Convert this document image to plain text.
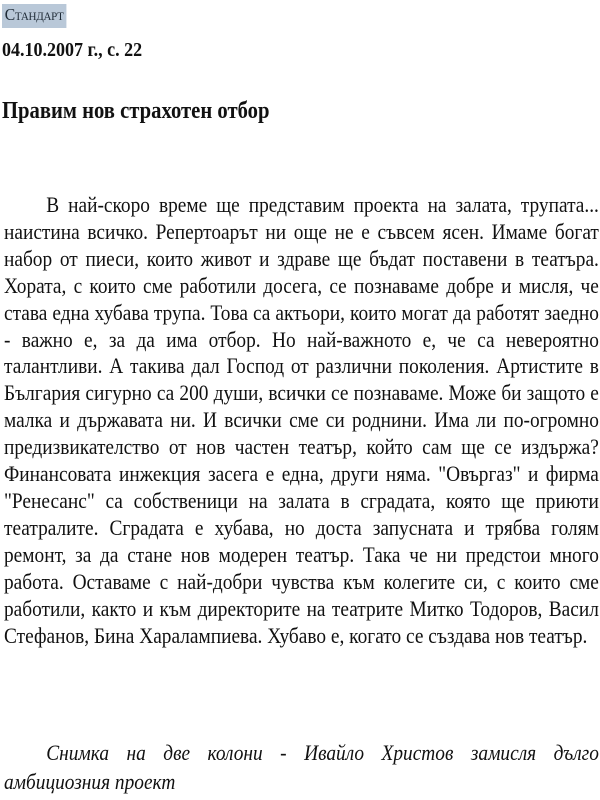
Стандарт
04.10.2007 г., с. 22
Правим нов страхотен отбор

В най-скоро време ще представим проекта на залата, трупата... наистина всичко. Репертоарът ни още не е съвсем ясен. Имаме богат набор от пиеси, които живот и здраве ще бъдат поставени в театъра. Хората, с които сме работили досега, се познаваме добре и мисля, че става една хубава трупа. Това са актьори, които могат да работят заедно - важно е, за да има отбор. Но най-важното е, че са невероятно талантливи. А такива дал Господ от различни поколения. Артистите в България сигурно са 200 души, всички се познаваме. Може би защото е малка и държавата ни. И всички сме си роднини. Има ли по-огромно предизвикателство от нов частен театър, който сам ще се издържа? Финансовата инжекция засега е една, други няма. "Овъргаз" и фирма "Ренесанс" са собственици на залата в сградата, която ще приюти театралите. Сградата е хубава, но доста запусната и трябва голям ремонт, за да стане нов модерен театър. Така че ни предстои много работа. Оставаме с най-добри чувства към колегите си, с които сме работили, както и към директорите на театрите Митко Тодоров, Васил Стефанов, Бина Харалампиева. Хубаво е, когато се създава нов театър.

Снимка на две колони - Ивайло Христов замисля дълго амбициозния проект
